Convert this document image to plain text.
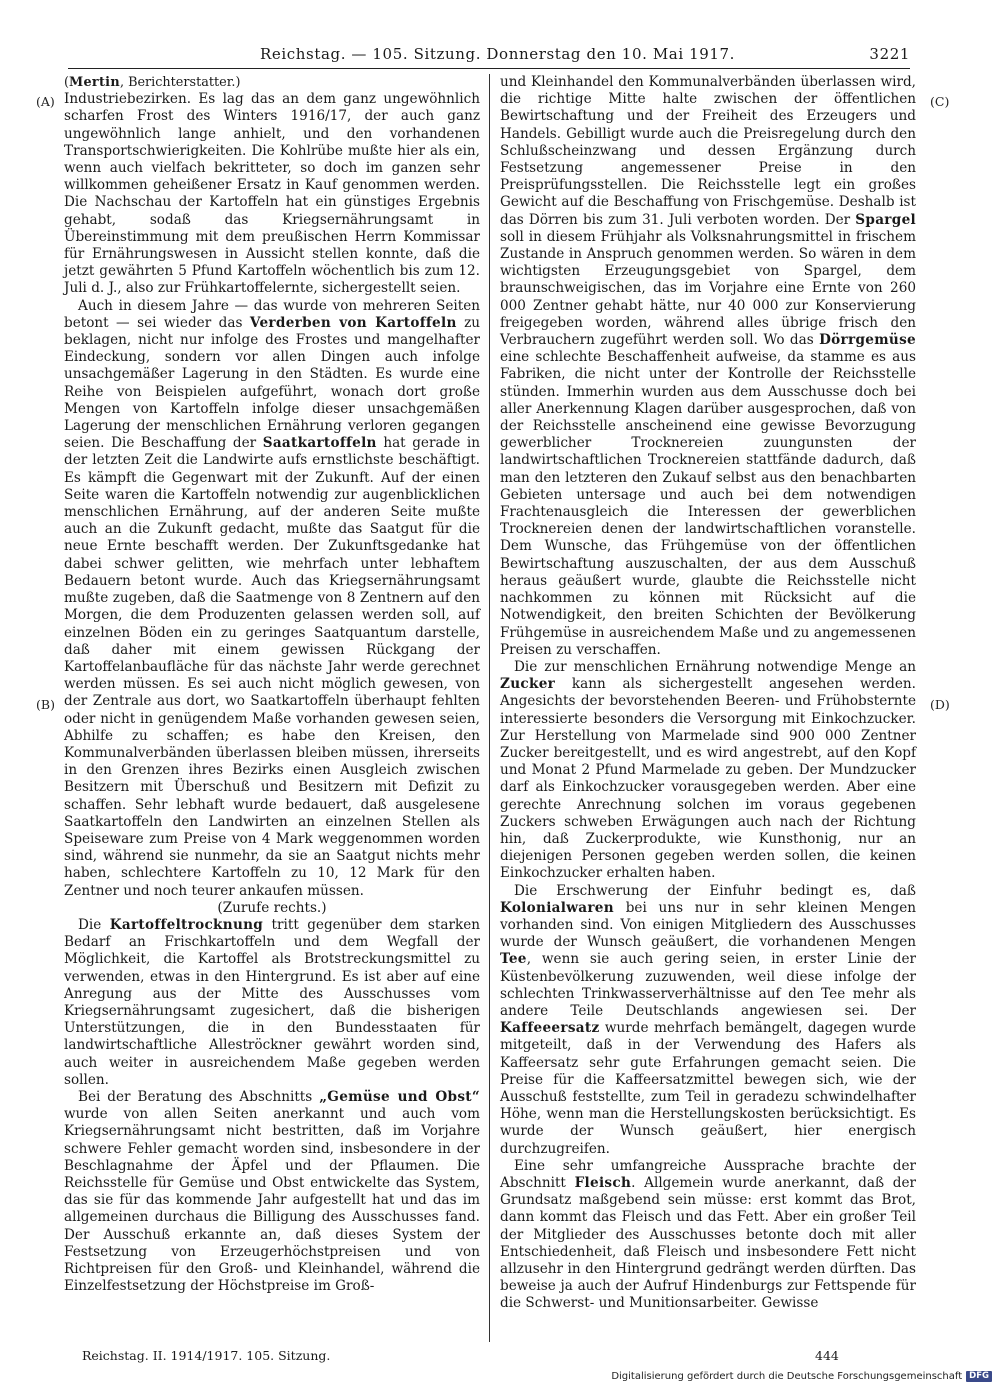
Reichstag. — 105. Sitzung. Donnerstag den 10. Mai 1917.	3221
(A)
(B)
(C)
(D)

(Mertin, Berichterstatter.)

Industriebezirken. Es lag das an dem ganz ungewöhnlich scharfen Frost des Winters 1916/17, der auch ganz ungewöhnlich lange anhielt, und den vorhandenen Transportschwierigkeiten. Die Kohlrübe mußte hier als ein, wenn auch vielfach bekritteter, so doch im ganzen sehr willkommen geheißener Ersatz in Kauf genommen werden. Die Nachschau der Kartoffeln hat ein günstiges Ergebnis gehabt, sodaß das Kriegsernährungsamt in Übereinstimmung mit dem preußischen Herrn Kommissar für Ernährungswesen in Aussicht stellen konnte, daß die jetzt gewährten 5 Pfund Kartoffeln wöchentlich bis zum 12. Juli d. J., also zur Frühkartoffelernte, sichergestellt seien.

Auch in diesem Jahre — das wurde von mehreren Seiten betont — sei wieder das Verderben von Kartoffeln zu beklagen, nicht nur infolge des Frostes und mangelhafter Eindeckung, sondern vor allen Dingen auch infolge unsachgemäßer Lagerung in den Städten. Es wurde eine Reihe von Beispielen aufgeführt, wonach dort große Mengen von Kartoffeln infolge dieser unsachgemäßen Lagerung der menschlichen Ernährung verloren gegangen seien. Die Beschaffung der Saatkartoffeln hat gerade in der letzten Zeit die Landwirte aufs ernstlichste beschäftigt. Es kämpft die Gegenwart mit der Zukunft. Auf der einen Seite waren die Kartoffeln notwendig zur augenblicklichen menschlichen Ernährung, auf der anderen Seite mußte auch an die Zukunft gedacht, mußte das Saatgut für die neue Ernte beschafft werden. Der Zukunftsgedanke hat dabei schwer gelitten, wie mehrfach unter lebhaftem Bedauern betont wurde. Auch das Kriegsernährungsamt mußte zugeben, daß die Saatmenge von 8 Zentnern auf den Morgen, die dem Produzenten gelassen werden soll, auf einzelnen Böden ein zu geringes Saatquantum darstelle, daß daher mit einem gewissen Rückgang der Kartoffelanbaufläche für das nächste Jahr werde gerechnet werden müssen. Es sei auch nicht möglich gewesen, von der Zentrale aus dort, wo Saatkartoffeln überhaupt fehlten oder nicht in genügendem Maße vorhanden gewesen seien, Abhilfe zu schaffen; es habe den Kreisen, den Kommunalverbänden überlassen bleiben müssen, ihrerseits in den Grenzen ihres Bezirks einen Ausgleich zwischen Besitzern mit Überschuß und Besitzern mit Defizit zu schaffen. Sehr lebhaft wurde bedauert, daß ausgelesene Saatkartoffeln den Landwirten an einzelnen Stellen als Speiseware zum Preise von 4 Mark weggenommen worden sind, während sie nunmehr, da sie an Saatgut nichts mehr haben, schlechtere Kartoffeln zu 10, 12 Mark für den Zentner und noch teurer ankaufen müssen.

(Zurufe rechts.)

Die Kartoffeltrocknung tritt gegenüber dem starken Bedarf an Frischkartoffeln und dem Wegfall der Möglichkeit, die Kartoffel als Brotstreckungsmittel zu verwenden, etwas in den Hintergrund. Es ist aber auf eine Anregung aus der Mitte des Ausschusses vom Kriegsernährungsamt zugesichert, daß die bisherigen Unterstützungen, die in den Bundesstaaten für landwirtschaftliche Alleströckner gewährt worden sind, auch weiter in ausreichendem Maße gegeben werden sollen.

Bei der Beratung des Abschnitts „Gemüse und Obst“ wurde von allen Seiten anerkannt und auch vom Kriegsernährungsamt nicht bestritten, daß im Vorjahre schwere Fehler gemacht worden sind, insbesondere in der Beschlagnahme der Äpfel und der Pflaumen. Die Reichsstelle für Gemüse und Obst entwickelte das System, das sie für das kommende Jahr aufgestellt hat und das im allgemeinen durchaus die Billigung des Ausschusses fand. Der Ausschuß erkannte an, daß dieses System der Festsetzung von Erzeugerhöchstpreisen und von Richtpreisen für den Groß- und Kleinhandel, während die Einzelfestsetzung der Höchstpreise im Groß-

und Kleinhandel den Kommunalverbänden überlassen wird, die richtige Mitte halte zwischen der öffentlichen Bewirtschaftung und der Freiheit des Erzeugers und Handels. Gebilligt wurde auch die Preisregelung durch den Schlußscheinzwang und dessen Ergänzung durch Festsetzung angemessener Preise in den Preisprüfungsstellen. Die Reichsstelle legt ein großes Gewicht auf die Beschaffung von Frischgemüse. Deshalb ist das Dörren bis zum 31. Juli verboten worden. Der Spargel soll in diesem Frühjahr als Volksnahrungsmittel in frischem Zustande in Anspruch genommen werden. So wären in dem wichtigsten Erzeugungsgebiet von Spargel, dem braunschweigischen, das im Vorjahre eine Ernte von 260 000 Zentner gehabt hätte, nur 40 000 zur Konservierung freigegeben worden, während alles übrige frisch den Verbrauchern zugeführt werden soll. Wo das Dörrgemüse eine schlechte Beschaffenheit aufweise, da stamme es aus Fabriken, die nicht unter der Kontrolle der Reichsstelle stünden. Immerhin wurden aus dem Ausschusse doch bei aller Anerkennung Klagen darüber ausgesprochen, daß von der Reichsstelle anscheinend eine gewisse Bevorzugung gewerblicher Trocknereien zuungunsten der landwirtschaftlichen Trocknereien stattfände dadurch, daß man den letzteren den Zukauf selbst aus den benachbarten Gebieten untersage und auch bei dem notwendigen Frachtenausgleich die Interessen der gewerblichen Trocknereien denen der landwirtschaftlichen voranstelle. Dem Wunsche, das Frühgemüse von der öffentlichen Bewirtschaftung auszuschalten, der aus dem Ausschuß heraus geäußert wurde, glaubte die Reichsstelle nicht nachkommen zu können mit Rücksicht auf die Notwendigkeit, den breiten Schichten der Bevölkerung Frühgemüse in ausreichendem Maße und zu angemessenen Preisen zu verschaffen.

Die zur menschlichen Ernährung notwendige Menge an Zucker kann als sichergestellt angesehen werden. Angesichts der bevorstehenden Beeren- und Frühobsternte interessierte besonders die Versorgung mit Einkochzucker. Zur Herstellung von Marmelade sind 900 000 Zentner Zucker bereitgestellt, und es wird angestrebt, auf den Kopf und Monat 2 Pfund Marmelade zu geben. Der Mundzucker darf als Einkochzucker vorausgegeben werden. Aber eine gerechte Anrechnung solchen im voraus gegebenen Zuckers schweben Erwägungen auch nach der Richtung hin, daß Zuckerprodukte, wie Kunsthonig, nur an diejenigen Personen gegeben werden sollen, die keinen Einkochzucker erhalten haben.

Die Erschwerung der Einfuhr bedingt es, daß Kolonialwaren bei uns nur in sehr kleinen Mengen vorhanden sind. Von einigen Mitgliedern des Ausschusses wurde der Wunsch geäußert, die vorhandenen Mengen Tee, wenn sie auch gering seien, in erster Linie der Küstenbevölkerung zuzuwenden, weil diese infolge der schlechten Trinkwasserverhältnisse auf den Tee mehr als andere Teile Deutschlands angewiesen sei. Der Kaffeeersatz wurde mehrfach bemängelt, dagegen wurde mitgeteilt, daß in der Verwendung des Hafers als Kaffeersatz sehr gute Erfahrungen gemacht seien. Die Preise für die Kaffeersatzmittel bewegen sich, wie der Ausschuß feststellte, zum Teil in geradezu schwindelhafter Höhe, wenn man die Herstellungskosten berücksichtigt. Es wurde der Wunsch geäußert, hier energisch durchzugreifen.

Eine sehr umfangreiche Aussprache brachte der Abschnitt Fleisch. Allgemein wurde anerkannt, daß der Grundsatz maßgebend sein müsse: erst kommt das Brot, dann kommt das Fleisch und das Fett. Aber ein großer Teil der Mitglieder des Ausschusses betonte doch mit aller Entschiedenheit, daß Fleisch und insbesondere Fett nicht allzusehr in den Hintergrund gedrängt werden dürften. Das beweise ja auch der Aufruf Hindenburgs zur Fettspende für die Schwerst- und Munitionsarbeiter. Gewisse

Reichstag. II. 1914/1917. 105. Sitzung.	444
Digitalisierung gefördert durch die Deutsche Forschungsgemeinschaft DFG
